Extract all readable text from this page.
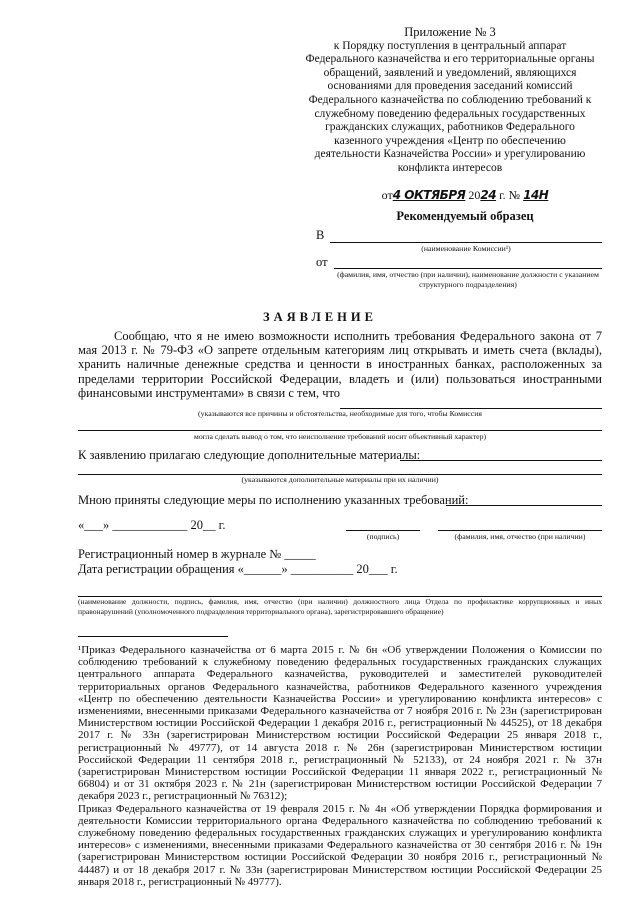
Приложение № 3
к Порядку поступления в центральный аппарат Федерального казначейства и его территориальные органы обращений, заявлений и уведомлений, являющихся основаниями для проведения заседаний комиссий Федерального казначейства по соблюдению требований к служебному поведению федеральных государственных гражданских служащих, работников Федерального казенного учреждения «Центр по обеспечению деятельности Казначейства России» и урегулированию конфликта интересов
от4 ОКТЯБРЯ 2024 г. № 14Н
Рекомендуемый образец
В
(наименование Комиссии¹)
от
(фамилия, имя, отчество (при наличии), наименование должности с указанием структурного подразделения)
ЗАЯВЛЕНИЕ

Сообщаю, что я не имею возможности исполнить требования Федерального закона от 7 мая 2013 г. № 79-ФЗ «О запрете отдельным категориям лиц открывать и иметь счета (вклады), хранить наличные денежные средства и ценности в иностранных банках, расположенных за пределами территории Российской Федерации, владеть и (или) пользоваться иностранными финансовыми инструментами» в связи с тем, что

(указываются все причины и обстоятельства, необходимые для того, чтобы Комиссия
могла сделать вывод о том, что неисполнение требований носит объективный характер)
К заявлению прилагаю следующие дополнительные материалы:
(указываются дополнительные материалы при их наличии)
Мною приняты следующие меры по исполнению указанных требований:
«___» ____________ 20__ г.
(подпись)	(фамилия, имя, отчество (при наличии)
Регистрационный номер в журнале № _____
Дата регистрации обращения «______» __________ 20___ г.
(наименование должности, подпись, фамилия, имя, отчество (при наличии) должностного лица Отдела по профилактике коррупционных и иных правонарушений (уполномоченного подразделения территориального органа), зарегистрировавшего обращение)

¹Приказ Федерального казначейства от 6 марта 2015 г. № 6н «Об утверждении Положения о Комиссии по соблюдению требований к служебному поведению федеральных государственных гражданских служащих центрального аппарата Федерального казначейства, руководителей и заместителей руководителей территориальных органов Федерального казначейства, работников Федерального казенного учреждения «Центр по обеспечению деятельности Казначейства России» и урегулированию конфликта интересов» с изменениями, внесенными приказами Федерального казначейства от 7 ноября 2016 г. № 23н (зарегистрирован Министерством юстиции Российской Федерации 1 декабря 2016 г., регистрационный № 44525), от 18 декабря 2017 г. № 33н (зарегистрирован Министерством юстиции Российской Федерации 25 января 2018 г., регистрационный № 49777), от 14 августа 2018 г. № 26н (зарегистрирован Министерством юстиции Российской Федерации 11 сентября 2018 г., регистрационный № 52133), от 24 ноября 2021 г. № 37н (зарегистрирован Министерством юстиции Российской Федерации 11 января 2022 г., регистрационный № 66804) и от 31 октября 2023 г. № 21н (зарегистрирован Министерством юстиции Российской Федерации 7 декабря 2023 г., регистрационный № 76312);

Приказ Федерального казначейства от 19 февраля 2015 г. № 4н «Об утверждении Порядка формирования и деятельности Комиссии территориального органа Федерального казначейства по соблюдению требований к служебному поведению федеральных государственных гражданских служащих и урегулированию конфликта интересов» с изменениями, внесенными приказами Федерального казначейства от 30 сентября 2016 г. № 19н (зарегистрирован Министерством юстиции Российской Федерации 30 ноября 2016 г., регистрационный № 44487) и от 18 декабря 2017 г. № 33н (зарегистрирован Министерством юстиции Российской Федерации 25 января 2018 г., регистрационный № 49777).
